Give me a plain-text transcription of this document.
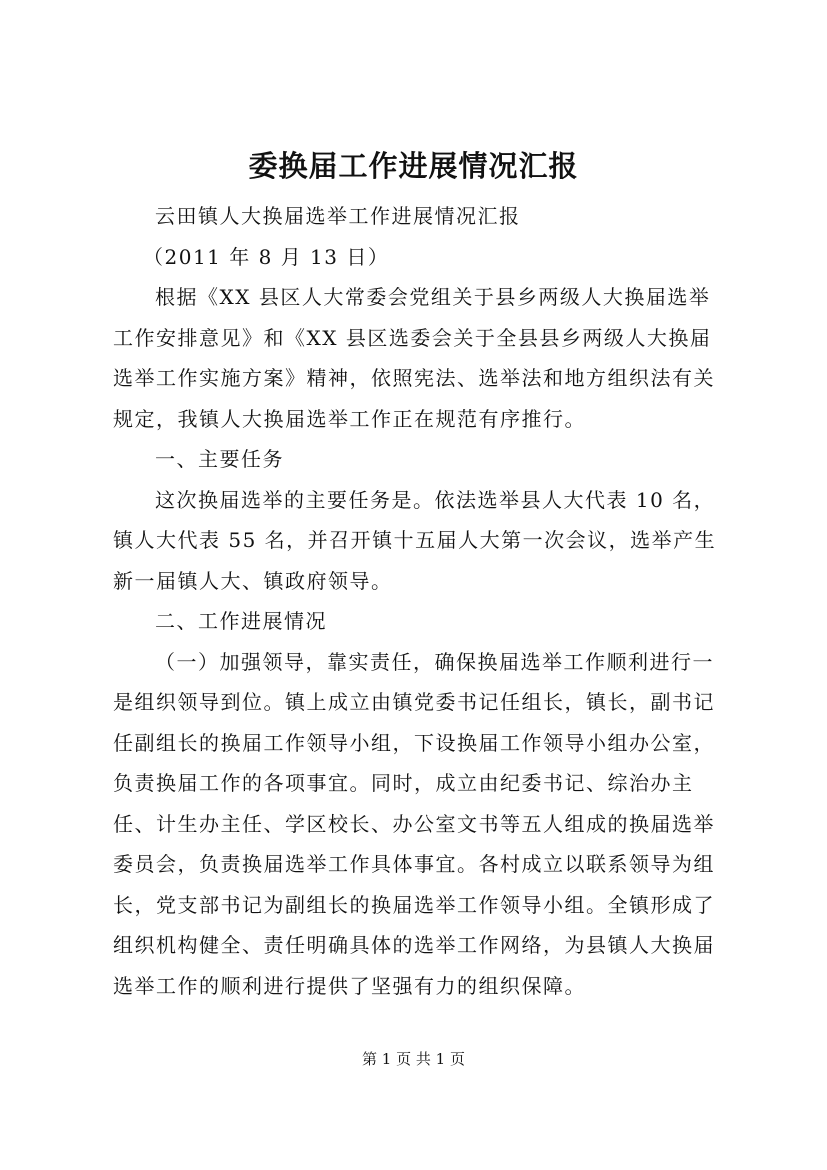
委换届工作进展情况汇报

云田镇人大换届选举工作进展情况汇报

（2011 年 8 月 13 日）

根据《XX 县区人大常委会党组关于县乡两级人大换届选举工作安排意见》和《XX 县区选委会关于全县县乡两级人大换届选举工作实施方案》精神，依照宪法、选举法和地方组织法有关规定，我镇人大换届选举工作正在规范有序推行。

一、主要任务

这次换届选举的主要任务是。依法选举县人大代表 10 名，镇人大代表 55 名，并召开镇十五届人大第一次会议，选举产生新一届镇人大、镇政府领导。

二、工作进展情况

（一）加强领导，靠实责任，确保换届选举工作顺利进行一是组织领导到位。镇上成立由镇党委书记任组长，镇长，副书记任副组长的换届工作领导小组，下设换届工作领导小组办公室，负责换届工作的各项事宜。同时，成立由纪委书记、综治办主任、计生办主任、学区校长、办公室文书等五人组成的换届选举委员会，负责换届选举工作具体事宜。各村成立以联系领导为组长，党支部书记为副组长的换届选举工作领导小组。全镇形成了组织机构健全、责任明确具体的选举工作网络，为县镇人大换届选举工作的顺利进行提供了坚强有力的组织保障。

第 1 页 共 1 页
